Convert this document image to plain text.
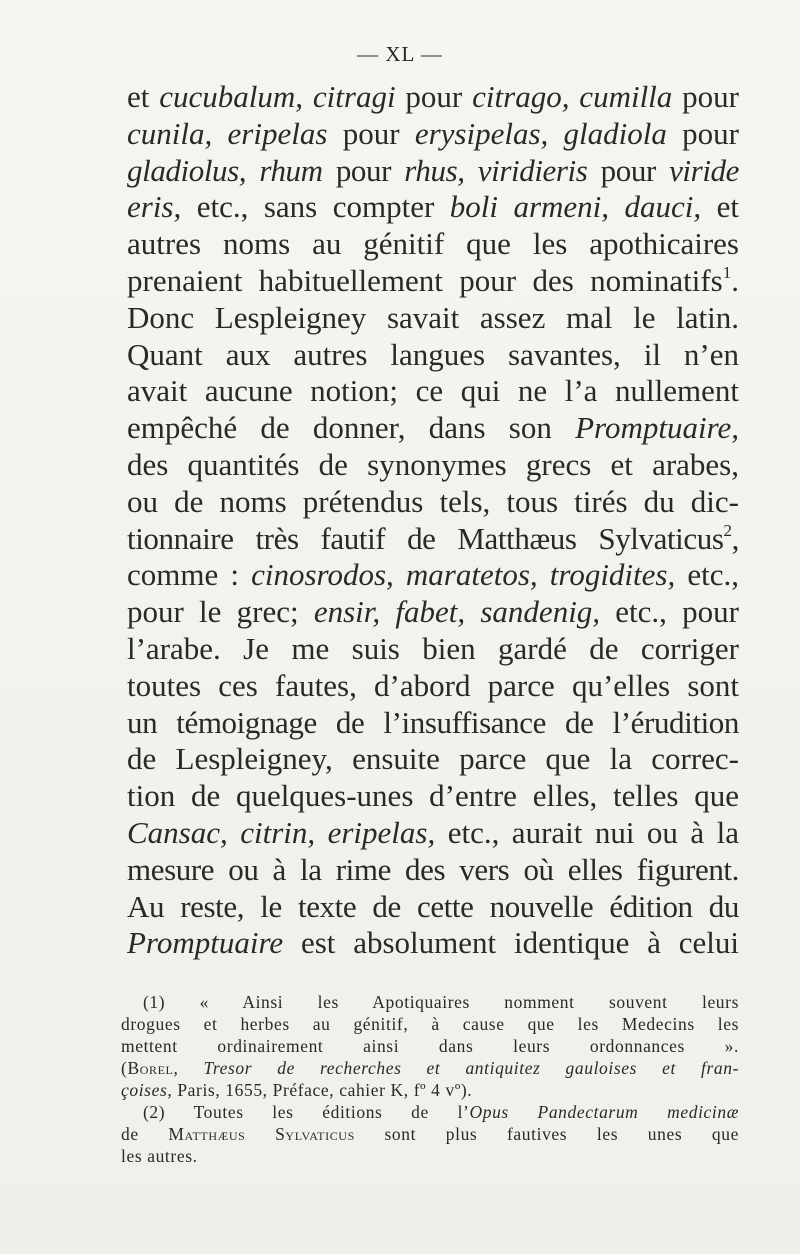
— XL —
et cucubalum, citragi pour citrago, cumilla pour
cunila, eripelas pour erysipelas, gladiola pour
gladiolus, rhum pour rhus, viridieris pour viride
eris, etc., sans compter boli armeni, dauci, et
autres noms au génitif que les apothicaires
prenaient habituellement pour des nominatifs$^1$.
Donc Lespleigney savait assez mal le latin.
Quant aux autres langues savantes, il n’en
avait aucune notion; ce qui ne l’a nullement
empêché de donner, dans son Promptuaire,
des quantités de synonymes grecs et arabes,
ou de noms prétendus tels, tous tirés du dic-
tionnaire très fautif de Matthæus Sylvaticus$^2$,
comme : cinosrodos, maratetos, trogidites, etc.,
pour le grec; ensir, fabet, sandenig, etc., pour
l’arabe. Je me suis bien gardé de corriger
toutes ces fautes, d’abord parce qu’elles sont
un témoignage de l’insuffisance de l’érudition
de Lespleigney, ensuite parce que la correc-
tion de quelques-unes d’entre elles, telles que
Cansac, citrin, eripelas, etc., aurait nui ou à la
mesure ou à la rime des vers où elles figurent.
Au reste, le texte de cette nouvelle édition du
Promptuaire est absolument identique à celui
(1) « Ainsi les Apotiquaires nomment souvent leurs
drogues et herbes au génitif, à cause que les Medecins les
mettent ordinairement ainsi dans leurs ordonnances ».
(Borel, Tresor de recherches et antiquitez gauloises et fran-
çoises, Paris, 1655, Préface, cahier K, fº 4 vº).
(2) Toutes les éditions de l’Opus Pandectarum medicinæ
de Matthæus Sylvaticus sont plus fautives les unes que
les autres.
